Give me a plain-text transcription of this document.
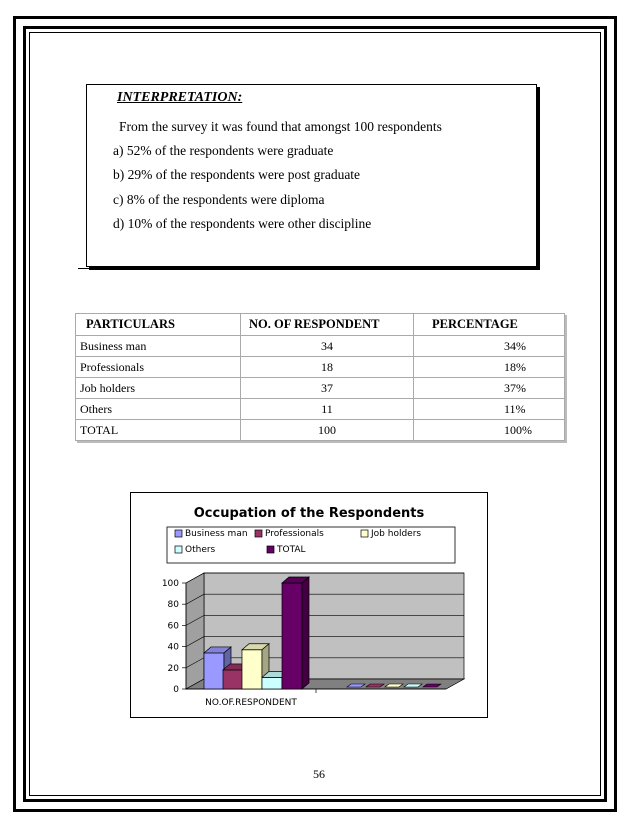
INTERPRETATION:
From the survey it was found that amongst 100 respondents
a) 52% of the respondents were graduate
b) 29% of the respondents were post graduate
c) 8% of the respondents were diploma
d) 10% of the respondents were other discipline
PARTICULARS	NO. OF RESPONDENT	PERCENTAGE
Business man	34	34%
Professionals	18	18%
Job holders	37	37%
Others	11	11%
TOTAL	100	100%
Occupation of the Respondents
Business man Professionals	Job holders
Others	TOTAL
0
20
40
60
80
100
NO.OF.RESPONDENT
56
